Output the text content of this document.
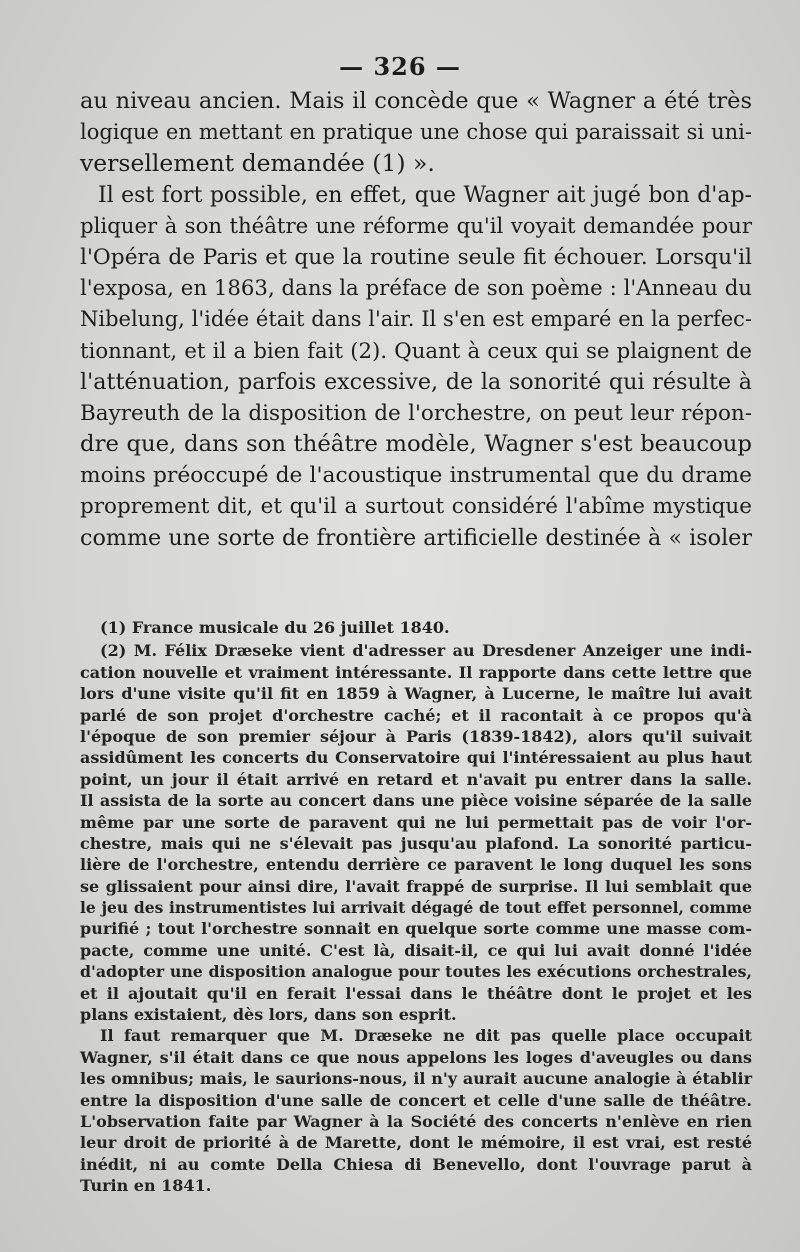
— 326 —
au niveau ancien. Mais il concède que « Wagner a été très
logique en mettant en pratique une chose qui paraissait si uni-
versellement demandée (1) ».
Il est fort possible, en effet, que Wagner ait jugé bon d'ap-
pliquer à son théâtre une réforme qu'il voyait demandée pour
l'Opéra de Paris et que la routine seule fit échouer. Lorsqu'il
l'exposa, en 1863, dans la préface de son poème : l'Anneau du
Nibelung, l'idée était dans l'air. Il s'en est emparé en la perfec-
tionnant, et il a bien fait (2). Quant à ceux qui se plaignent de
l'atténuation, parfois excessive, de la sonorité qui résulte à
Bayreuth de la disposition de l'orchestre, on peut leur répon-
dre que, dans son théâtre modèle, Wagner s'est beaucoup
moins préoccupé de l'acoustique instrumental que du drame
proprement dit, et qu'il a surtout considéré l'abîme mystique
comme une sorte de frontière artificielle destinée à « isoler
(1) France musicale du 26 juillet 1840.
(2) M. Félix Dræseke vient d'adresser au Dresdener Anzeiger une indi-
cation nouvelle et vraiment intéressante. Il rapporte dans cette lettre que
lors d'une visite qu'il fit en 1859 à Wagner, à Lucerne, le maître lui avait
parlé de son projet d'orchestre caché; et il racontait à ce propos qu'à
l'époque de son premier séjour à Paris (1839-1842), alors qu'il suivait
assidûment les concerts du Conservatoire qui l'intéressaient au plus haut
point, un jour il était arrivé en retard et n'avait pu entrer dans la salle.
Il assista de la sorte au concert dans une pièce voisine séparée de la salle
même par une sorte de paravent qui ne lui permettait pas de voir l'or-
chestre, mais qui ne s'élevait pas jusqu'au plafond. La sonorité particu-
lière de l'orchestre, entendu derrière ce paravent le long duquel les sons
se glissaient pour ainsi dire, l'avait frappé de surprise. Il lui semblait que
le jeu des instrumentistes lui arrivait dégagé de tout effet personnel, comme
purifié ; tout l'orchestre sonnait en quelque sorte comme une masse com-
pacte, comme une unité. C'est là, disait-il, ce qui lui avait donné l'idée
d'adopter une disposition analogue pour toutes les exécutions orchestrales,
et il ajoutait qu'il en ferait l'essai dans le théâtre dont le projet et les
plans existaient, dès lors, dans son esprit.
Il faut remarquer que M. Dræseke ne dit pas quelle place occupait
Wagner, s'il était dans ce que nous appelons les loges d'aveugles ou dans
les omnibus; mais, le saurions-nous, il n'y aurait aucune analogie à établir
entre la disposition d'une salle de concert et celle d'une salle de théâtre.
L'observation faite par Wagner à la Société des concerts n'enlève en rien
leur droit de priorité à de Marette, dont le mémoire, il est vrai, est resté
inédit, ni au comte Della Chiesa di Benevello, dont l'ouvrage parut à
Turin en 1841.
